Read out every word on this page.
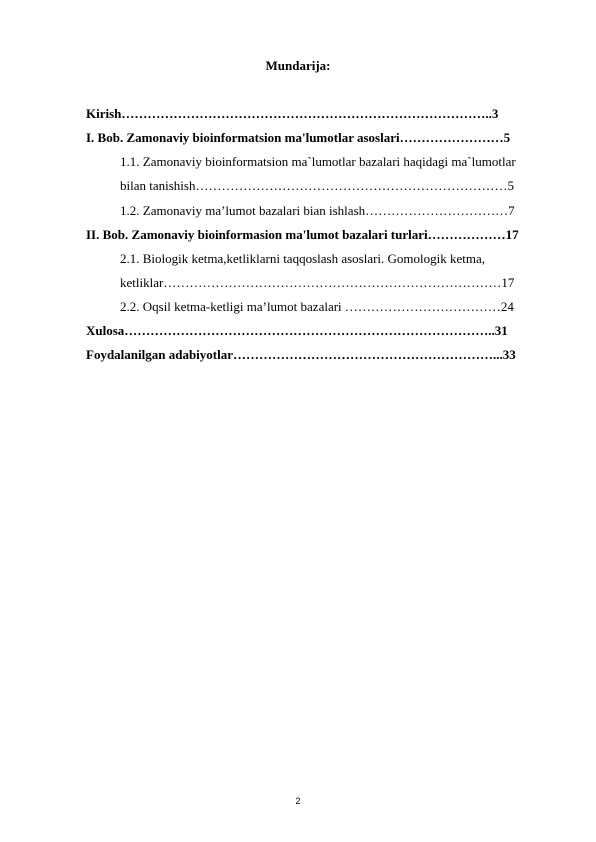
Mundarija:
Kirish…………………………………………………………………………..3
I. Bob. Zamonaviy bioinformatsion ma'lumotlar asoslari……………………5
1.1. Zamonaviy bioinformatsion ma`lumotlar bazalari haqidagi ma`lumotlar
bilan tanishish………………………………………………………………5
1.2. Zamonaviy ma’lumot bazalari bian ishlash……………………………7
II. Bob. Zamonaviy bioinformasion ma'lumot bazalari turlari………………17
2.1. Biologik ketma,ketliklarni taqqoslash asoslari. Gomologik ketma,
ketliklar……………………………………………………………………17
2.2. Oqsil ketma-ketligi ma’lumot bazalari ………………………………24
Xulosa…………………………………………………………………………..31
Foydalanilgan adabiyotlar……………………………………………………...33
2
